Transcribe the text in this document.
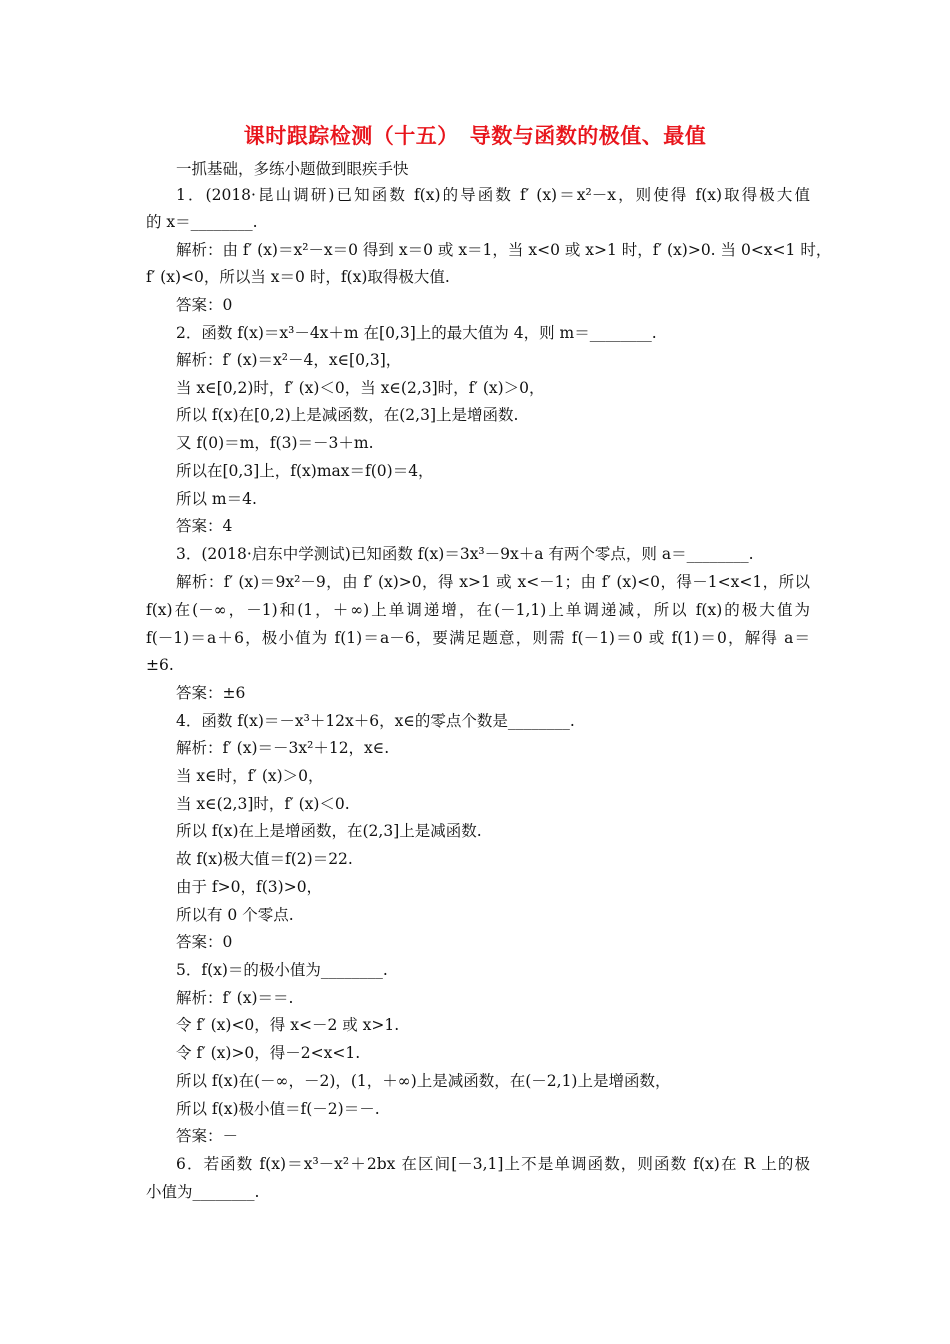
课时跟踪检测（十五）　导数与函数的极值、最值
一抓基础，多练小题做到眼疾手快
1．(2018·昆山调研)已知函数 f(x)的导函数 f′ (x)＝x²－x，则使得 f(x)取得极大值
的 x＝________.
解析：由 f′ (x)＝x²－x＝0 得到 x＝0 或 x＝1，当 x<0 或 x>1 时，f′ (x)>0. 当 0<x<1 时，
f′ (x)<0，所以当 x＝0 时，f(x)取得极大值.
答案：0
2．函数 f(x)＝x³－4x＋m 在[0,3]上的最大值为 4，则 m＝________.
解析：f′ (x)＝x²－4，x∈[0,3]，
当 x∈[0,2)时，f′ (x)＜0，当 x∈(2,3]时，f′ (x)＞0，
所以 f(x)在[0,2)上是减函数，在(2,3]上是增函数.
又 f(0)＝m，f(3)＝－3＋m.
所以在[0,3]上，f(x)max＝f(0)＝4，
所以 m＝4.
答案：4
3．(2018·启东中学测试)已知函数 f(x)＝3x³－9x＋a 有两个零点，则 a＝________.
解析：f′ (x)＝9x²－9，由 f′ (x)>0，得 x>1 或 x<－1；由 f′ (x)<0，得－1<x<1，所以
f(x)在(－∞，－1)和(1，＋∞)上单调递增，在(－1,1)上单调递减，所以 f(x)的极大值为
f(－1)＝a＋6，极小值为 f(1)＝a－6，要满足题意，则需 f(－1)＝0 或 f(1)＝0，解得 a＝
±6.
答案：±6
4．函数 f(x)＝－x³＋12x＋6，x∈的零点个数是________.
解析：f′ (x)＝－3x²＋12，x∈.
当 x∈时，f′ (x)＞0，
当 x∈(2,3]时，f′ (x)＜0.
所以 f(x)在上是增函数，在(2,3]上是减函数.
故 f(x)极大值＝f(2)＝22.
由于 f>0，f(3)>0，
所以有 0 个零点.
答案：0
5．f(x)＝的极小值为________.
解析：f′ (x)＝＝.
令 f′ (x)<0，得 x<－2 或 x>1.
令 f′ (x)>0，得－2<x<1.
所以 f(x)在(－∞，－2)，(1，＋∞)上是减函数，在(－2,1)上是增函数，
所以 f(x)极小值＝f(－2)＝－.
答案：－
6．若函数 f(x)＝x³－x²＋2bx 在区间[－3,1]上不是单调函数，则函数 f(x)在 R 上的极
小值为________.
